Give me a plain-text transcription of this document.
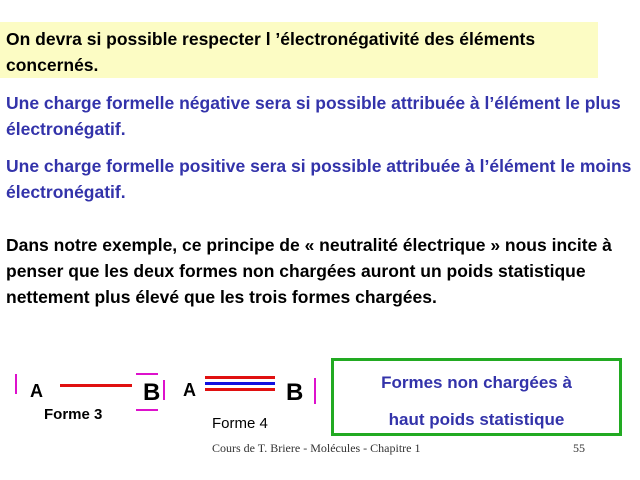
On devra si possible respecter l ’électronégativité des éléments concernés.
Une charge formelle négative sera si possible attribuée à l’élément le plus électronégatif.
Une charge formelle positive sera si possible attribuée à l’élément le moins électronégatif.
Dans notre exemple, ce principe de « neutralité électrique » nous incite à penser que les deux formes non chargées auront un poids statistique nettement plus élevé que les trois formes chargées.
A	B
Forme 3
A	B
Forme 4
Formes non chargées à
haut poids statistique
Cours de T. Briere - Molécules - Chapitre 1	55
